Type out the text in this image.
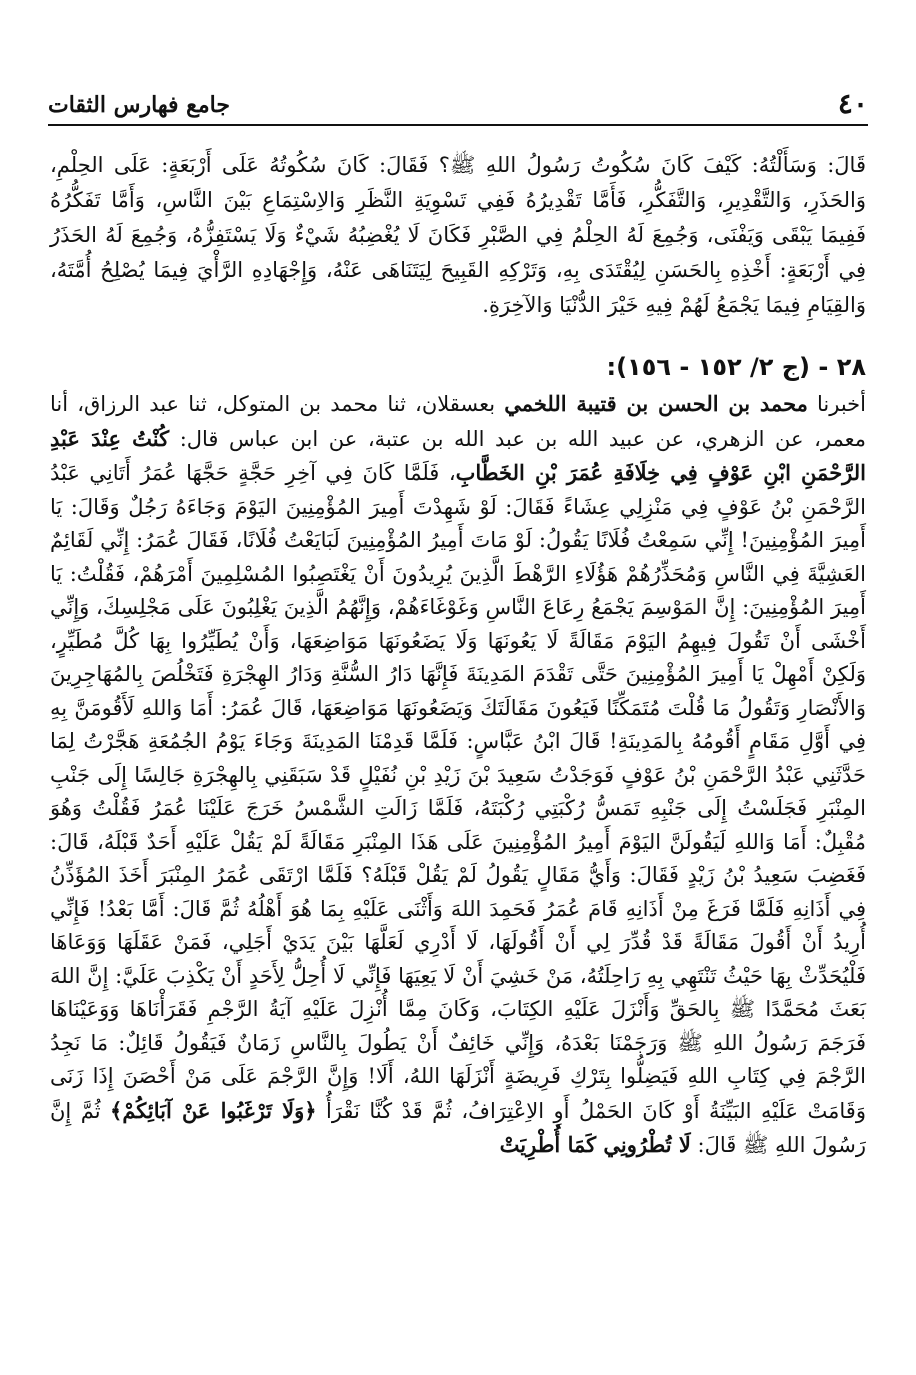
٤٠
جامع فهارس الثقات

قَالَ: وَسَأَلْتُهُ: كَيْفَ كَانَ سُكُوتُ رَسُولُ اللهِ ﷺ؟ فَقَالَ: كَانَ سُكُوتُهُ عَلَى أَرْبَعَةٍ: عَلَى الحِلْمِ، وَالحَذَرِ، وَالتَّقْدِيرِ، وَالتَّفَكُّرِ، فَأَمَّا تَقْدِيرُهُ فَفِي تَسْوِيَةِ النَّظَرِ وَالاِسْتِمَاعِ بَيْنَ النَّاسِ، وَأَمَّا تَفَكُّرُهُ فَفِيمَا يَبْقَى وَيَفْنَى، وَجُمِعَ لَهُ الحِلْمُ فِي الصَّبْرِ فَكَانَ لَا يُغْضِبُهُ شَيْءٌ وَلَا يَسْتَفِزُّهُ، وَجُمِعَ لَهُ الحَذَرُ فِي أَرْبَعَةٍ: أَخْذِهِ بِالحَسَنِ لِيُقْتَدَى بِهِ، وَتَرْكِهِ القَبِيحَ لِيَتَنَاهَى عَنْهُ، وَإِجْهَادِهِ الرَّأْيَ فِيمَا يُصْلِحُ أُمَّتَهُ، وَالقِيَامِ فِيمَا يَجْمَعُ لَهُمْ فِيهِ خَيْرَ الدُّنْيَا وَالآخِرَةِ.

٢٨ - (ج ٢/ ١٥٢ - ١٥٦):

أخبرنا محمد بن الحسن بن قتيبة اللخمي بعسقلان، ثنا محمد بن المتوكل، ثنا عبد الرزاق، أنا معمر، عن الزهري، عن عبيد الله بن عبد الله بن عتبة، عن ابن عباس قال: كُنْتُ عِنْدَ عَبْدِ الرَّحْمَنِ ابْنِ عَوْفٍ فِي خِلَافَةِ عُمَرَ بْنِ الخَطَّابِ، فَلَمَّا كَانَ فِي آخِرِ حَجَّةٍ حَجَّهَا عُمَرُ أَتَانِي عَبْدُ الرَّحْمَنِ بْنُ عَوْفٍ فِي مَنْزِلِي عِشَاءً فَقَالَ: لَوْ شَهِدْتَ أَمِيرَ المُؤْمِنِينَ اليَوْمَ وَجَاءَهُ رَجُلٌ وَقَالَ: يَا أَمِيرَ المُؤْمِنِينَ! إِنِّي سَمِعْتُ فُلَانًا يَقُولُ: لَوْ مَاتَ أَمِيرُ المُؤْمِنِينَ لَبَايَعْتُ فُلَانًا، فَقَالَ عُمَرُ: إِنِّي لَقَائِمٌ العَشِيَّةَ فِي النَّاسِ وَمُحَذِّرُهُمْ هَؤُلَاءِ الرَّهْطَ الَّذِينَ يُرِيدُونَ أَنْ يَغْتَصِبُوا المُسْلِمِينَ أَمْرَهُمْ، فَقُلْتُ: يَا أَمِيرَ المُؤْمِنِينَ: إِنَّ المَوْسِمَ يَجْمَعُ رِعَاعَ النَّاسِ وَغَوْغَاءَهُمْ، وَإِنَّهُمُ الَّذِينَ يَغْلِبُونَ عَلَى مَجْلِسِكَ، وَإِنِّي أَخْشَى أَنْ تَقُولَ فِيهِمُ اليَوْمَ مَقَالَةً لَا يَعُونَهَا وَلَا يَضَعُونَهَا مَوَاضِعَهَا، وَأَنْ يُطَيِّرُوا بِهَا كُلَّ مُطَيِّرٍ، وَلَكِنْ أَمْهِلْ يَا أَمِيرَ المُؤْمِنِينَ حَتَّى تَقْدَمَ المَدِينَةَ فَإِنَّهَا دَارُ السُّنَّةِ وَدَارُ الهِجْرَةِ فَتَخْلُصَ بِالمُهَاجِرِينَ وَالأَنْصَارِ وَتَقُولُ مَا قُلْتَ مُتَمَكِّنًا فَيَعُونَ مَقَالَتَكَ وَيَضَعُونَهَا مَوَاضِعَهَا، قَالَ عُمَرُ: أَمَا وَاللهِ لَأَقُومَنَّ بِهِ فِي أَوَّلِ مَقَامٍ أَقُومُهُ بِالمَدِينَةِ! قَالَ ابْنُ عَبَّاسٍ: فَلَمَّا قَدِمْنَا المَدِينَةَ وَجَاءَ يَوْمُ الجُمُعَةِ هَجَّرْتُ لِمَا حَدَّثَنِي عَبْدُ الرَّحْمَنِ بْنُ عَوْفٍ فَوَجَدْتُ سَعِيدَ بْنَ زَيْدِ بْنِ نُفَيْلٍ قَدْ سَبَقَنِي بِالهِجْرَةِ جَالِسًا إِلَى جَنْبِ المِنْبَرِ فَجَلَسْتُ إِلَى جَنْبِهِ تَمَسُّ رُكْبَتِي رُكْبَتَهُ، فَلَمَّا زَالَتِ الشَّمْسُ خَرَجَ عَلَيْنَا عُمَرُ فَقُلْتُ وَهُوَ مُقْبِلٌ: أَمَا وَاللهِ لَيَقُولَنَّ اليَوْمَ أَمِيرُ المُؤْمِنِينَ عَلَى هَذَا المِنْبَرِ مَقَالَةً لَمْ يَقُلْ عَلَيْهِ أَحَدٌ قَبْلَهُ، قَالَ: فَغَضِبَ سَعِيدُ بْنُ زَيْدٍ فَقَالَ: وَأَيُّ مَقَالٍ يَقُولُ لَمْ يَقُلْ قَبْلَهُ؟ فَلَمَّا ارْتَقَى عُمَرُ المِنْبَرَ أَخَذَ المُؤَذِّنُ فِي أَذَانِهِ فَلَمَّا فَرَغَ مِنْ أَذَانِهِ قَامَ عُمَرُ فَحَمِدَ اللهَ وَأَثْنَى عَلَيْهِ بِمَا هُوَ أَهْلُهُ ثُمَّ قَالَ: أَمَّا بَعْدُ! فَإِنِّي أُرِيدُ أَنْ أَقُولَ مَقَالَةً قَدْ قُدِّرَ لِي أَنْ أَقُولَهَا، لَا أَدْرِي لَعَلَّهَا بَيْنَ يَدَيْ أَجَلِي، فَمَنْ عَقَلَهَا وَوَعَاهَا فَلْيُحَدِّثْ بِهَا حَيْثُ تَنْتَهِي بِهِ رَاحِلَتُهُ، مَنْ خَشِيَ أَنْ لَا يَعِيَهَا فَإِنِّي لَا أُحِلُّ لِأَحَدٍ أَنْ يَكْذِبَ عَلَيَّ: إِنَّ اللهَ بَعَثَ مُحَمَّدًا ﷺ بِالحَقِّ وَأَنْزَلَ عَلَيْهِ الكِتَابَ، وَكَانَ مِمَّا أُنْزِلَ عَلَيْهِ آيَةُ الرَّجْمِ فَقَرَأْنَاهَا وَوَعَيْنَاهَا فَرَجَمَ رَسُولُ اللهِ ﷺ وَرَجَمْنَا بَعْدَهُ، وَإِنِّي خَائِفٌ أَنْ يَطُولَ بِالنَّاسِ زَمَانٌ فَيَقُولُ قَائِلٌ: مَا نَجِدُ الرَّجْمَ فِي كِتَابِ اللهِ فَيَضِلُّوا بِتَرْكِ فَرِيضَةٍ أَنْزَلَهَا اللهُ، أَلَا! وَإِنَّ الرَّجْمَ عَلَى مَنْ أَحْصَنَ إِذَا زَنَى وَقَامَتْ عَلَيْهِ البَيِّنَةُ أَوْ كَانَ الحَمْلُ أَوِ الاِعْتِرَافُ، ثُمَّ قَدْ كُنَّا نَقْرَأُ ﴿وَلَا تَرْغَبُوا عَنْ آبَائِكُمْ﴾ ثُمَّ إِنَّ رَسُولَ اللهِ ﷺ قَالَ: لَا تُطْرُونِي كَمَا أُطْرِيَتْ
